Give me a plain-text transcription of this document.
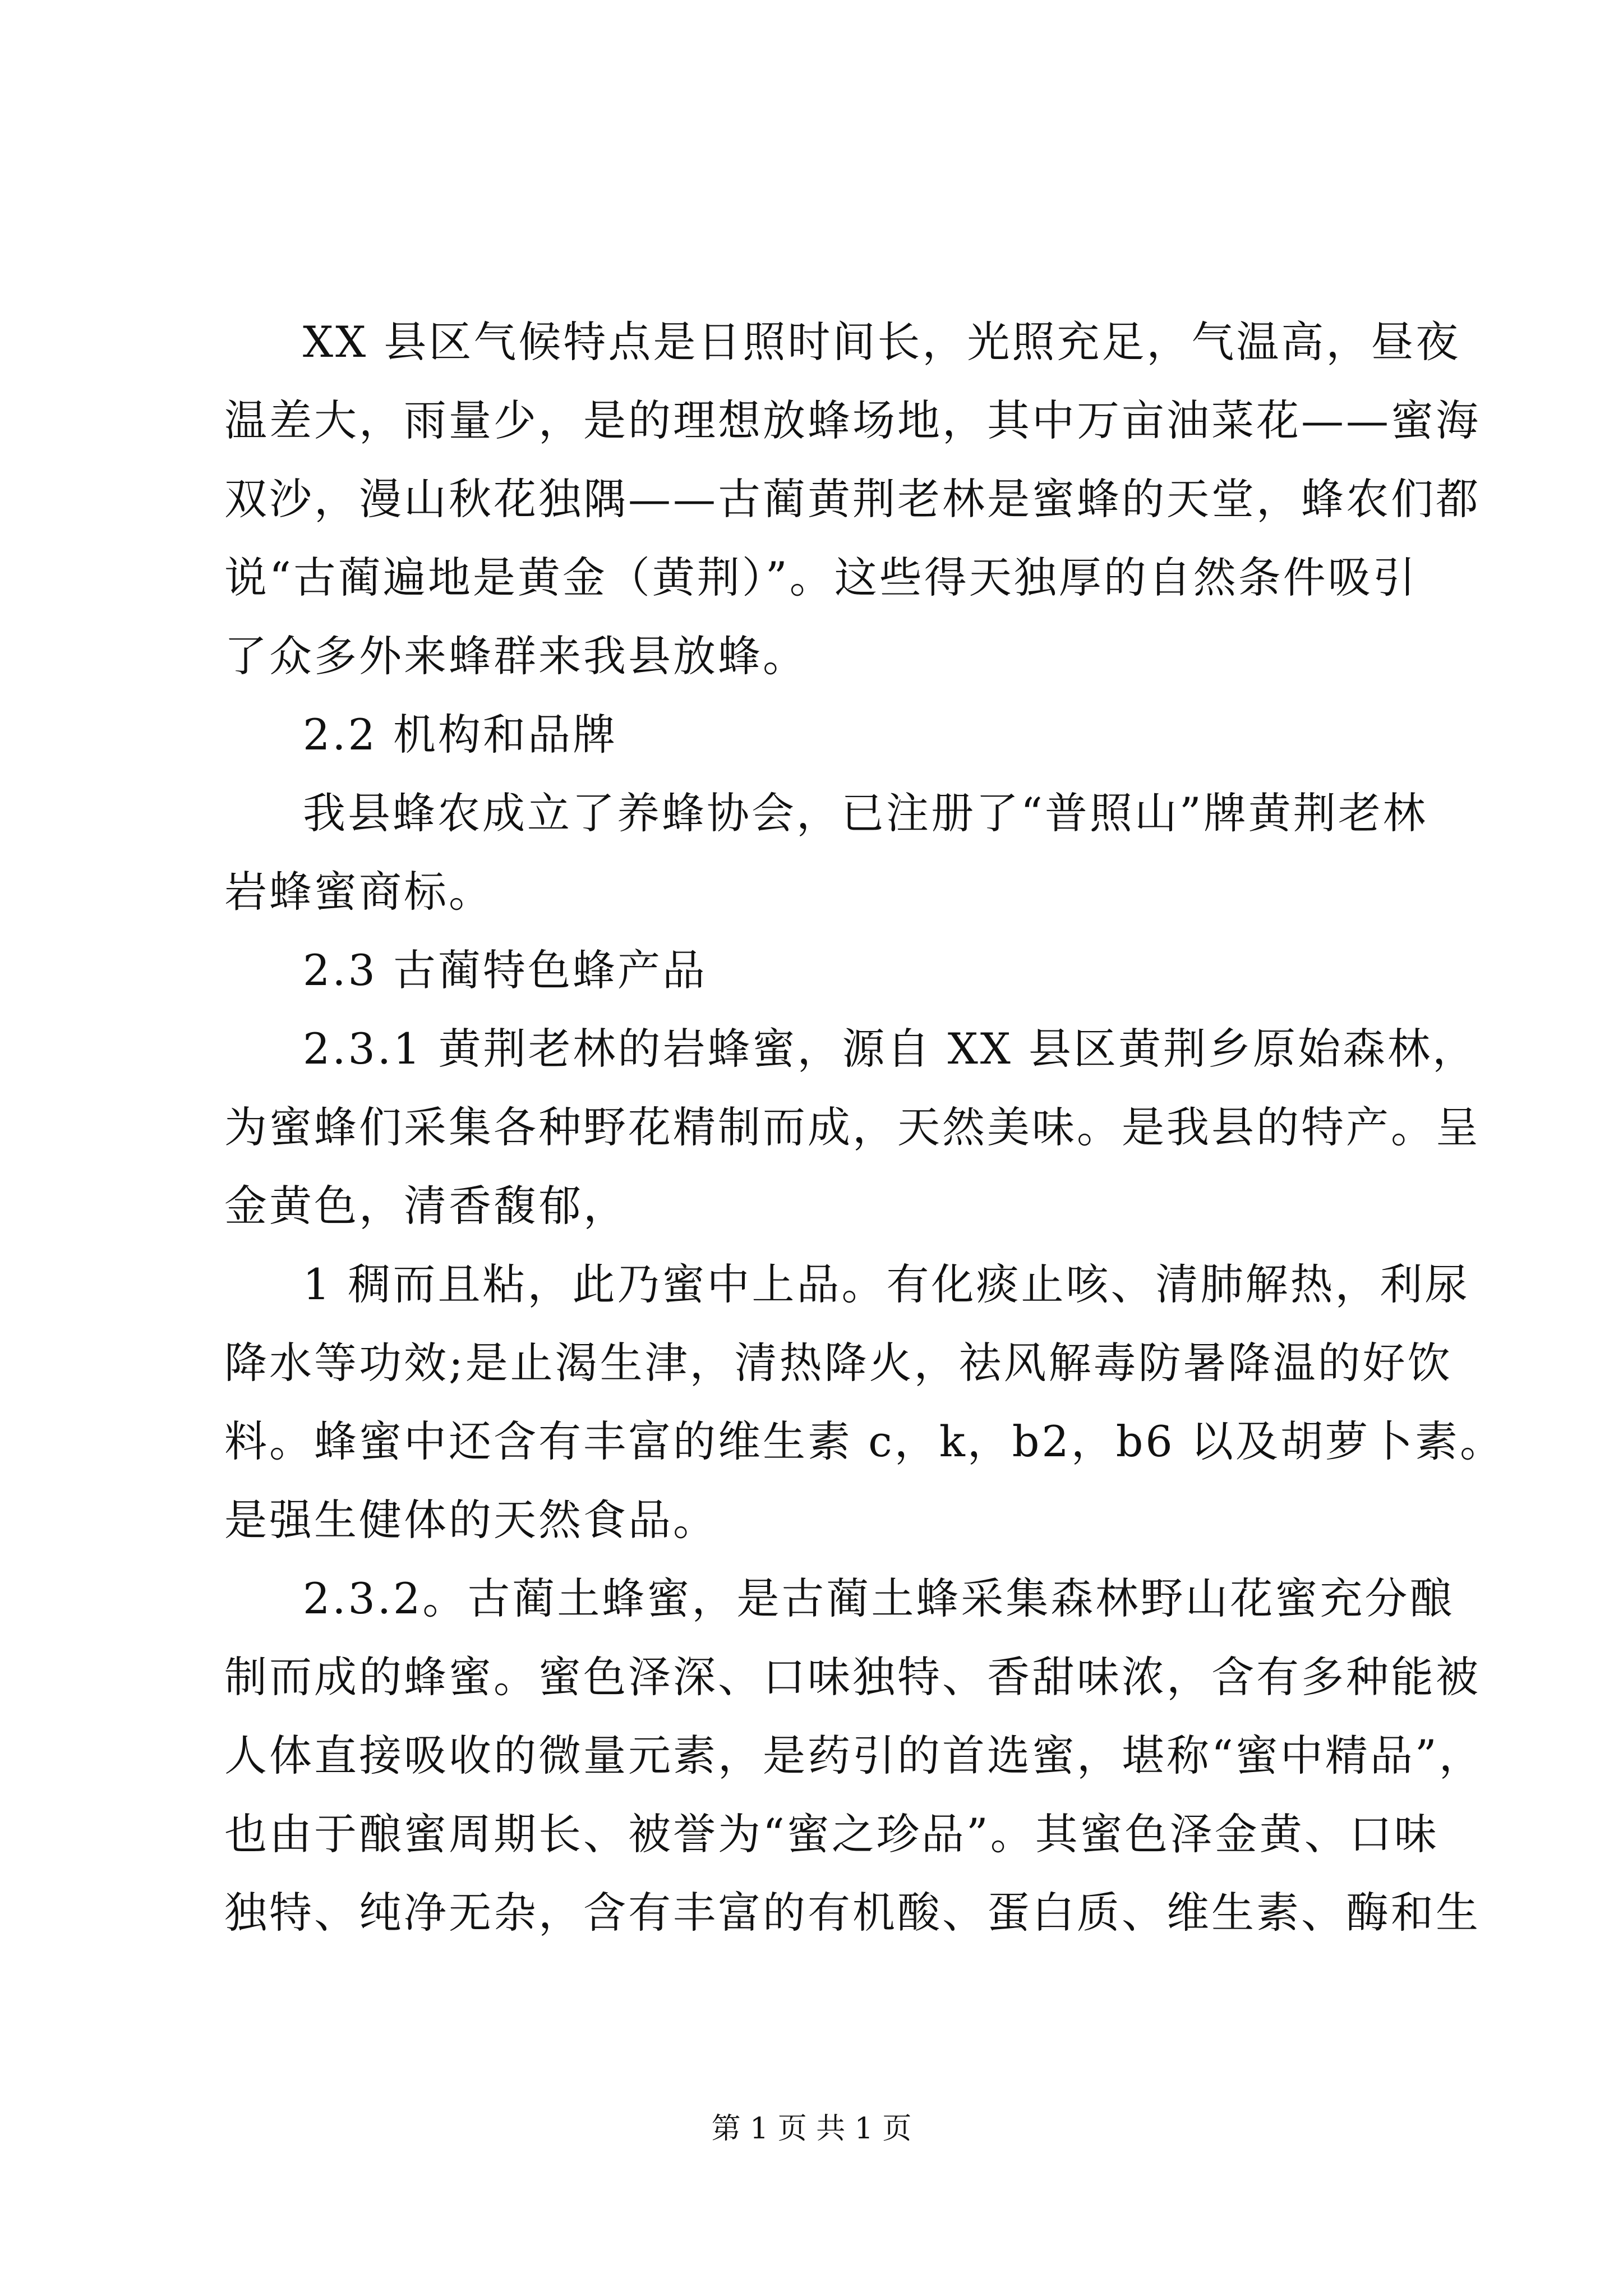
XX 县区气候特点是日照时间长，光照充足，气温高，昼夜
温差大，雨量少，是的理想放蜂场地，其中万亩油菜花——蜜海
双沙，漫山秋花独隅——古蔺黄荆老林是蜜蜂的天堂，蜂农们都
说“古蔺遍地是黄金（黄荆）”。这些得天独厚的自然条件吸引
了众多外来蜂群来我县放蜂。
2.2 机构和品牌
我县蜂农成立了养蜂协会，已注册了“普照山”牌黄荆老林
岩蜂蜜商标。
2.3 古蔺特色蜂产品
2.3.1 黄荆老林的岩蜂蜜，源自 XX 县区黄荆乡原始森林，
为蜜蜂们采集各种野花精制而成，天然美味。是我县的特产。呈
金黄色，清香馥郁，
1 稠而且粘，此乃蜜中上品。有化痰止咳、清肺解热，利尿
降水等功效;是止渴生津，清热降火，祛风解毒防暑降温的好饮
料。蜂蜜中还含有丰富的维生素 c，k，b2，b6 以及胡萝卜素。
是强生健体的天然食品。
2.3.2。古蔺土蜂蜜，是古蔺土蜂采集森林野山花蜜充分酿
制而成的蜂蜜。蜜色泽深、口味独特、香甜味浓，含有多种能被
人体直接吸收的微量元素，是药引的首选蜜，堪称“蜜中精品”，
也由于酿蜜周期长、被誉为“蜜之珍品”。其蜜色泽金黄、口味
独特、纯净无杂，含有丰富的有机酸、蛋白质、维生素、酶和生
第 1 页 共 1 页
